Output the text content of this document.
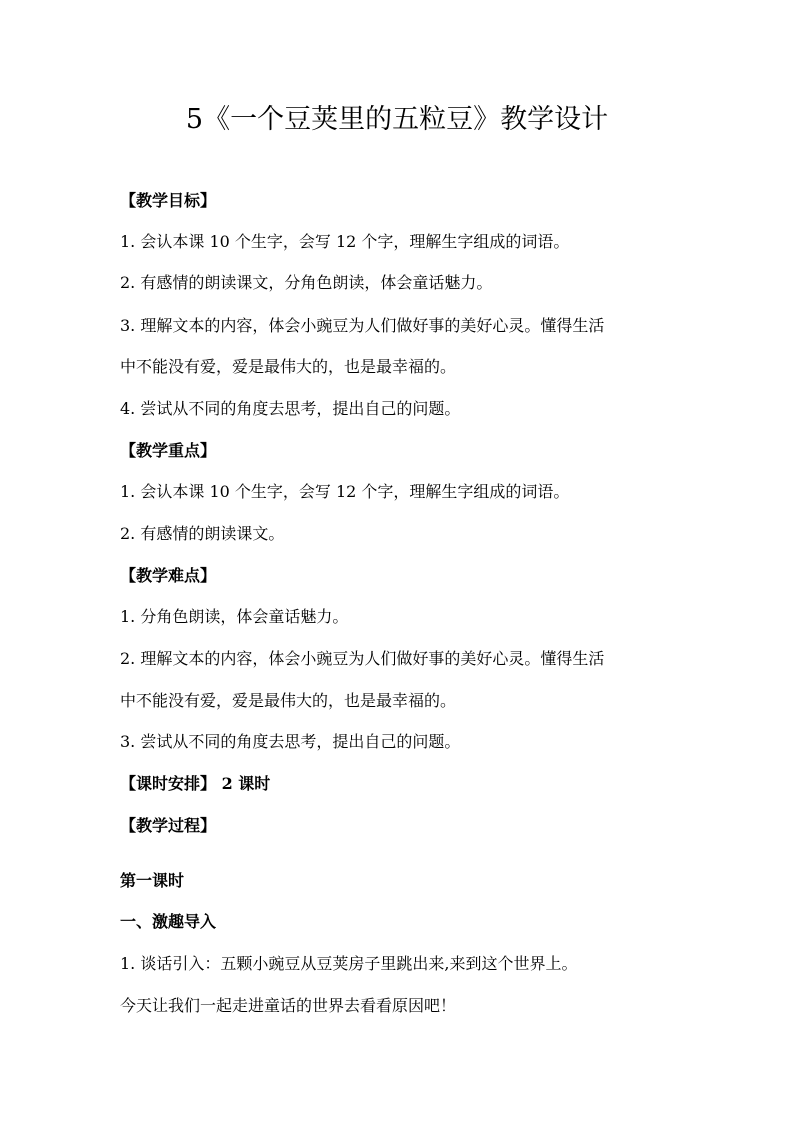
5《一个豆荚里的五粒豆》教学设计
【教学目标】
1. 会认本课 10 个生字，会写 12 个字，理解生字组成的词语。
2. 有感情的朗读课文，分角色朗读，体会童话魅力。
3. 理解文本的内容，体会小豌豆为人们做好事的美好心灵。懂得生活
中不能没有爱，爱是最伟大的，也是最幸福的。
4. 尝试从不同的角度去思考，提出自己的问题。
【教学重点】
1. 会认本课 10 个生字，会写 12 个字，理解生字组成的词语。
2. 有感情的朗读课文。
【教学难点】
1. 分角色朗读，体会童话魅力。
2. 理解文本的内容，体会小豌豆为人们做好事的美好心灵。懂得生活
中不能没有爱，爱是最伟大的，也是最幸福的。
3. 尝试从不同的角度去思考，提出自己的问题。
【课时安排】 2 课时
【教学过程】
第一课时
一、激趣导入
1. 谈话引入：五颗小豌豆从豆荚房子里跳出来,来到这个世界上。
今天让我们一起走进童话的世界去看看原因吧！
